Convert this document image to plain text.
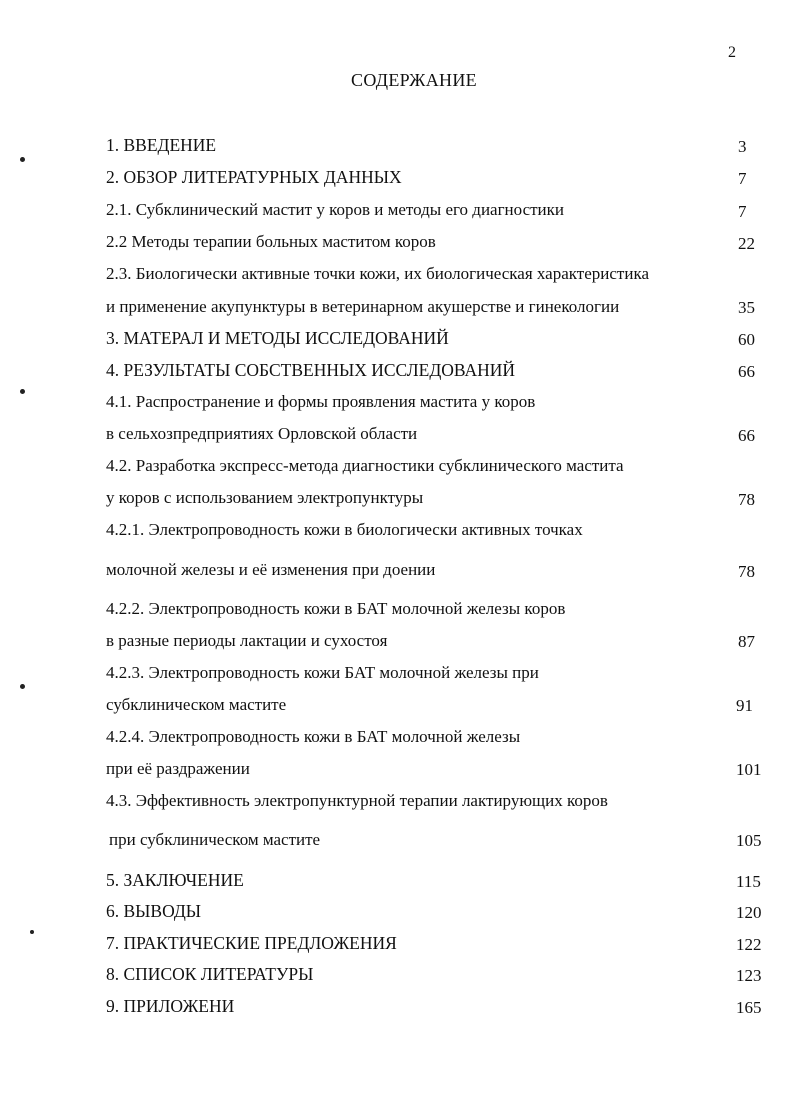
2
СОДЕРЖАНИЕ
1. ВВЕДЕНИЕ	3
2. ОБЗОР ЛИТЕРАТУРНЫХ ДАННЫХ	7
2.1. Субклинический мастит у коров и методы его диагностики	7
2.2 Методы терапии больных маститом коров	22
2.3. Биологически активные точки кожи, их биологическая характеристика
и применение акупунктуры в ветеринарном акушерстве и гинекологии	35
3. МАТЕРАЛ И МЕТОДЫ ИССЛЕДОВАНИЙ	60
4. РЕЗУЛЬТАТЫ СОБСТВЕННЫХ ИССЛЕДОВАНИЙ	66
4.1. Распространение и формы проявления мастита у коров
в сельхозпредприятиях Орловской области	66
4.2. Разработка экспресс-метода диагностики субклинического мастита
у коров с использованием электропунктуры	78
4.2.1. Электропроводность кожи в биологически активных точках
молочной железы и её изменения при доении	78
4.2.2. Электропроводность кожи в БАТ молочной железы коров
в разные периоды лактации и сухостоя	87
4.2.3. Электропроводность кожи БАТ молочной железы при
субклиническом мастите	91
4.2.4. Электропроводность кожи в БАТ молочной железы
при её раздражении	101
4.3. Эффективность электропунктурной терапии лактирующих коров
при субклиническом мастите	105
5. ЗАКЛЮЧЕНИЕ	115
6. ВЫВОДЫ	120
7. ПРАКТИЧЕСКИЕ ПРЕДЛОЖЕНИЯ	122
8. СПИСОК ЛИТЕРАТУРЫ	123
9. ПРИЛОЖЕНИ	165
